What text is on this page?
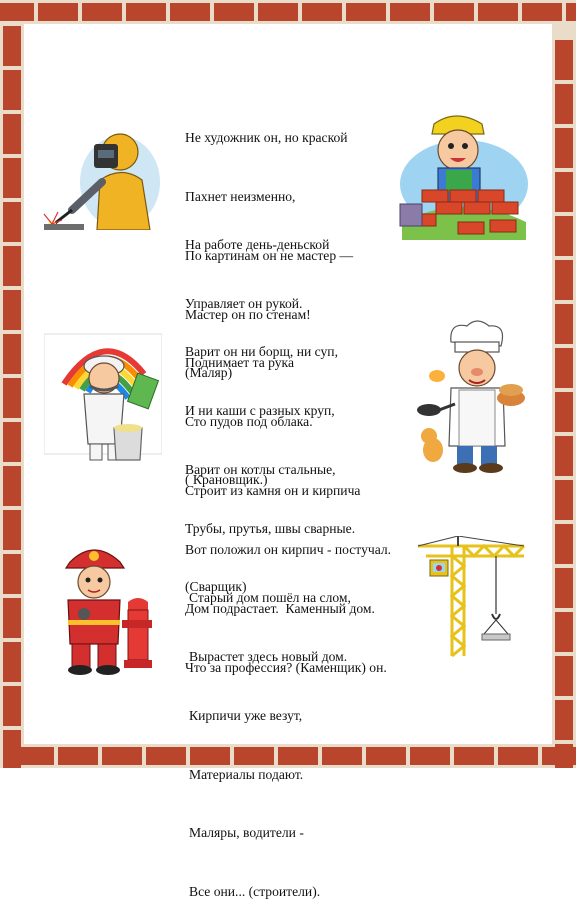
Не художник он, но краской

Пахнет неизменно,

По картинам он не мастер —

Мастер он по стенам!

(Маляр)

На работе день-деньской

Управляет он рукой.

Поднимает та рука

Сто пудов под облака.

( Крановщик.)

Варит он ни борщ, ни суп,

И ни каши с разных круп,

Варит он котлы стальные,

Трубы, прутья, швы сварные.

(Сварщик)

Строит из камня он и кирпича

Вот положил он кирпич - постучал.

Дом подрастает.  Каменный дом.

Что за профессия? (Каменщик) он.

Старый дом пошёл на слом,

Вырастет здесь новый дом.

Кирпичи уже везут,

Материалы подают.

Маляры, водители -

Все они... (строители).
